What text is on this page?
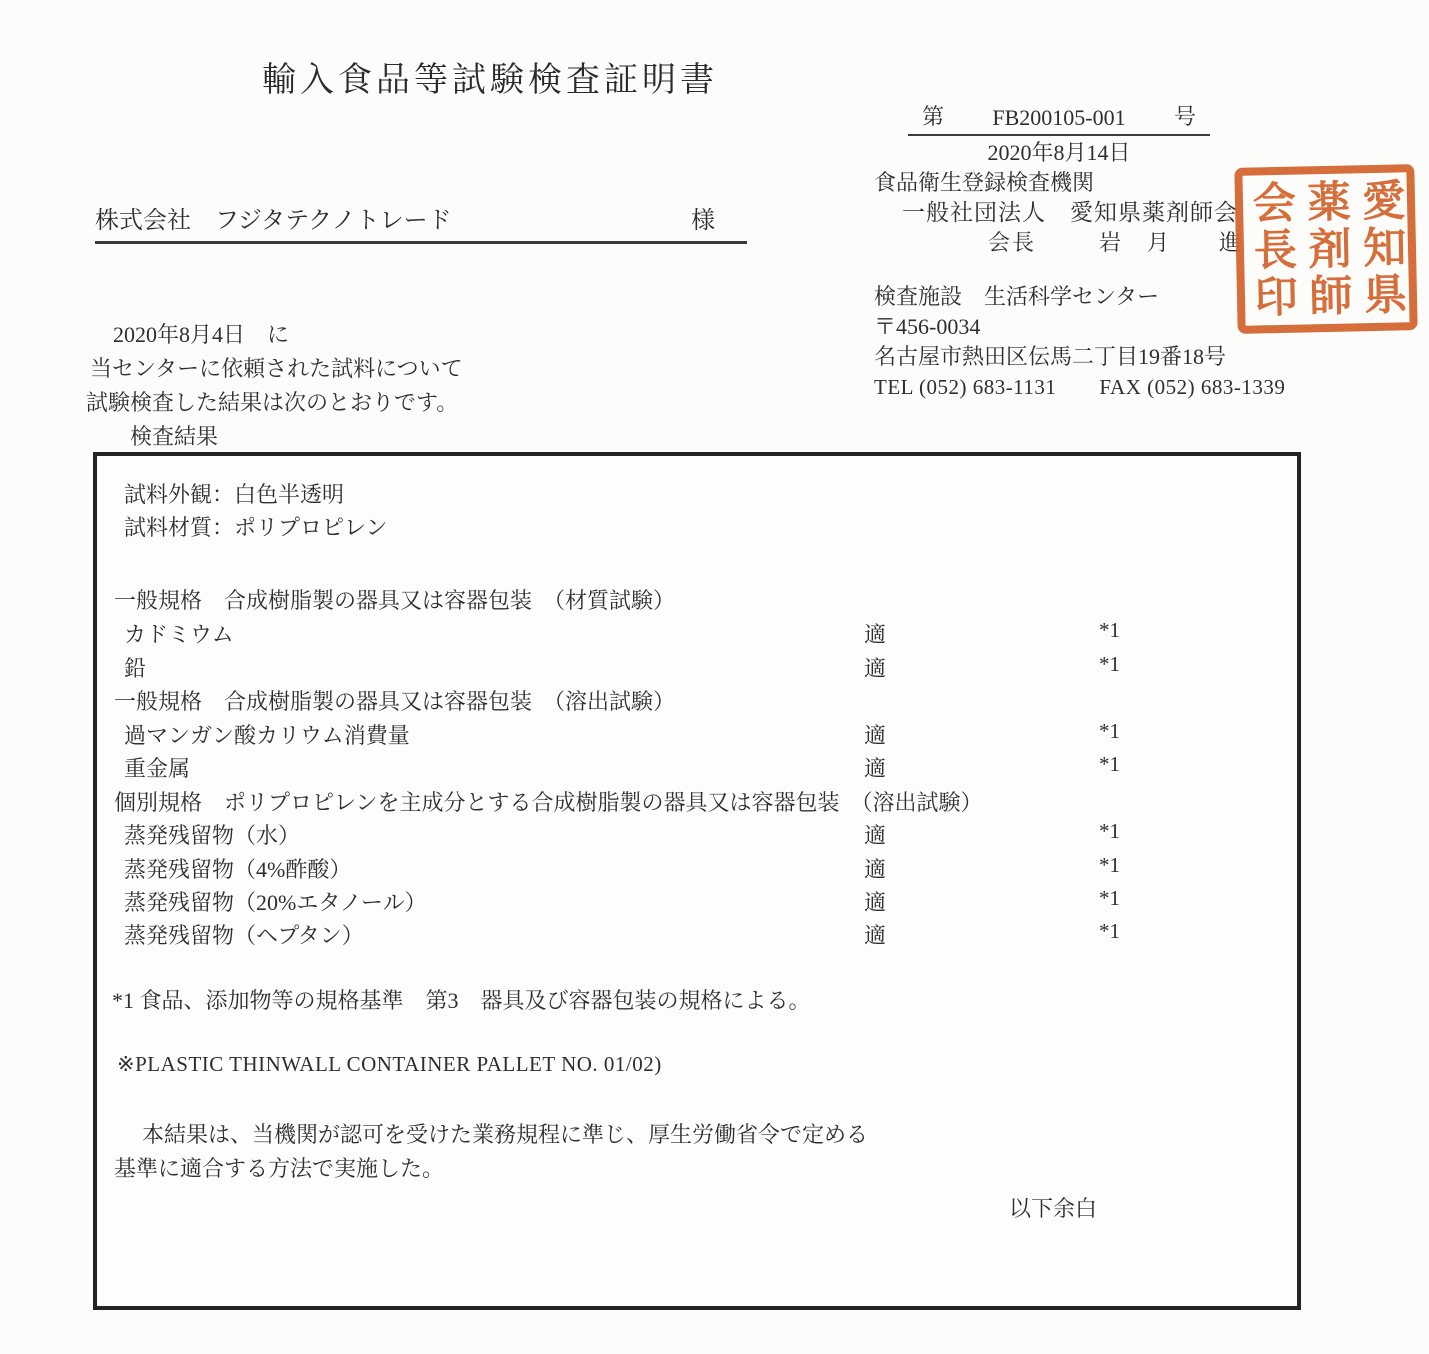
輸入食品等試験検査証明書
第 FB200105-001 号
2020年8月14日
食品衛生登録検査機関
一般社団法人　愛知県薬剤師会
会長 　　	岩　月　　進
検査施設　生活科学センター
〒456-0034
名古屋市熱田区伝馬二丁目19番18号
TEL (052) 683-1131　　FAX (052) 683-1339
愛知県
薬剤師
会長印
株式会社　フジタテクノトレード	様
2020年8月4日　に
当センターに依頼された試料について
試験検査した結果は次のとおりです。
検査結果
試料外観：白色半透明
試料材質：ポリプロピレン
一般規格　合成樹脂製の器具又は容器包装　（材質試験）
カドミウム	適	*1
鉛	適	*1
一般規格　合成樹脂製の器具又は容器包装　（溶出試験）
過マンガン酸カリウム消費量	適	*1
重金属	適	*1
個別規格　ポリプロピレンを主成分とする合成樹脂製の器具又は容器包装　（溶出試験）
蒸発残留物（水）	適	*1
蒸発残留物（4%酢酸）	適	*1
蒸発残留物（20%エタノール）	適	*1
蒸発残留物（ヘプタン）	適	*1
*1 食品、添加物等の規格基準　第3　器具及び容器包装の規格による。
※PLASTIC THINWALL CONTAINER PALLET NO. 01/02)
本結果は、当機関が認可を受けた業務規程に準じ、厚生労働省令で定める
基準に適合する方法で実施した。
以下余白
